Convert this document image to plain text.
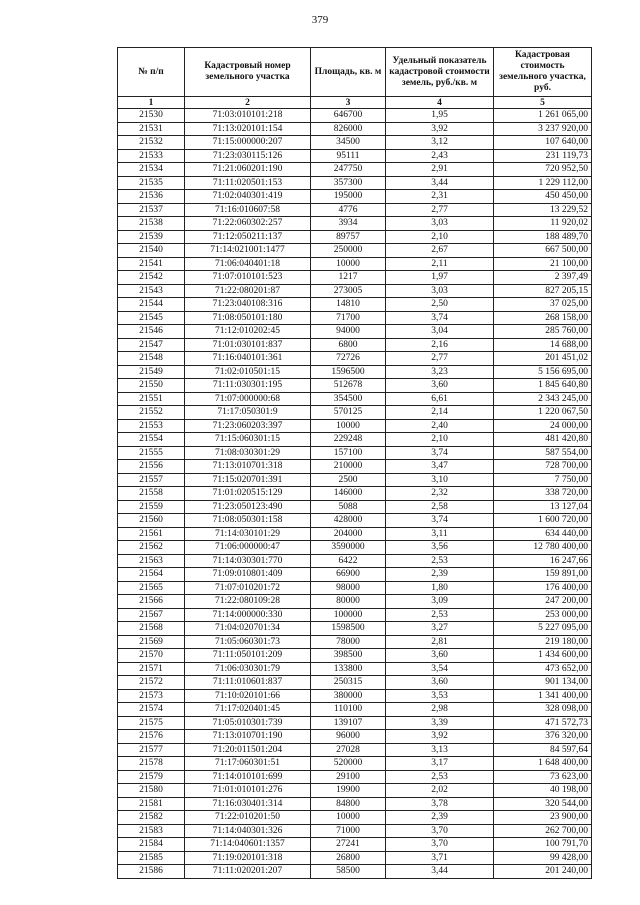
379
№ п/п	Кадастровый номер земельного участка	Площадь, кв. м	Удельный показатель кадастровой стоимости земель, руб./кв. м	Кадастровая стоимость земельного участка, руб.
1	2	3	4	5
21530	71:03:010101:218	646700	1,95	1 261 065,00
21531	71:13:020101:154	826000	3,92	3 237 920,00
21532	71:15:000000:207	34500	3,12	107 640,00
21533	71:23:030115:126	95111	2,43	231 119,73
21534	71:21:060201:190	247750	2,91	720 952,50
21535	71:11:020501:153	357300	3,44	1 229 112,00
21536	71:02:040301:419	195000	2,31	450 450,00
21537	71:16:010607:58	4776	2,77	13 229,52
21538	71:22:060302:257	3934	3,03	11 920,02
21539	71:12:050211:137	89757	2,10	188 489,70
21540	71:14:021001:1477	250000	2,67	667 500,00
21541	71:06:040401:18	10000	2,11	21 100,00
21542	71:07:010101:523	1217	1,97	2 397,49
21543	71:22:080201:87	273005	3,03	827 205,15
21544	71:23:040108:316	14810	2,50	37 025,00
21545	71:08:050101:180	71700	3,74	268 158,00
21546	71:12:010202:45	94000	3,04	285 760,00
21547	71:01:030101:837	6800	2,16	14 688,00
21548	71:16:040101:361	72726	2,77	201 451,02
21549	71:02:010501:15	1596500	3,23	5 156 695,00
21550	71:11:030301:195	512678	3,60	1 845 640,80
21551	71:07:000000:68	354500	6,61	2 343 245,00
21552	71:17:050301:9	570125	2,14	1 220 067,50
21553	71:23:060203:397	10000	2,40	24 000,00
21554	71:15:060301:15	229248	2,10	481 420,80
21555	71:08:030301:29	157100	3,74	587 554,00
21556	71:13:010701:318	210000	3,47	728 700,00
21557	71:15:020701:391	2500	3,10	7 750,00
21558	71:01:020515:129	146000	2,32	338 720,00
21559	71:23:050123:490	5088	2,58	13 127,04
21560	71:08:050301:158	428000	3,74	1 600 720,00
21561	71:14:030101:29	204000	3,11	634 440,00
21562	71:06:000000:47	3590000	3,56	12 780 400,00
21563	71:14:030301:770	6422	2,53	16 247,66
21564	71:09:010801:409	66900	2,39	159 891,00
21565	71:07:010201:72	98000	1,80	176 400,00
21566	71:22:080109:28	80000	3,09	247 200,00
21567	71:14:000000:330	100000	2,53	253 000,00
21568	71:04:020701:34	1598500	3,27	5 227 095,00
21569	71:05:060301:73	78000	2,81	219 180,00
21570	71:11:050101:209	398500	3,60	1 434 600,00
21571	71:06:030301:79	133800	3,54	473 652,00
21572	71:11:010601:837	250315	3,60	901 134,00
21573	71:10:020101:66	380000	3,53	1 341 400,00
21574	71:17:020401:45	110100	2,98	328 098,00
21575	71:05:010301:739	139107	3,39	471 572,73
21576	71:13:010701:190	96000	3,92	376 320,00
21577	71:20:011501:204	27028	3,13	84 597,64
21578	71:17:060301:51	520000	3,17	1 648 400,00
21579	71:14:010101:699	29100	2,53	73 623,00
21580	71:01:010101:276	19900	2,02	40 198,00
21581	71:16:030401:314	84800	3,78	320 544,00
21582	71:22:010201:50	10000	2,39	23 900,00
21583	71:14:040301:326	71000	3,70	262 700,00
21584	71:14:040601:1357	27241	3,70	100 791,70
21585	71:19:020101:318	26800	3,71	99 428,00
21586	71:11:020201:207	58500	3,44	201 240,00
